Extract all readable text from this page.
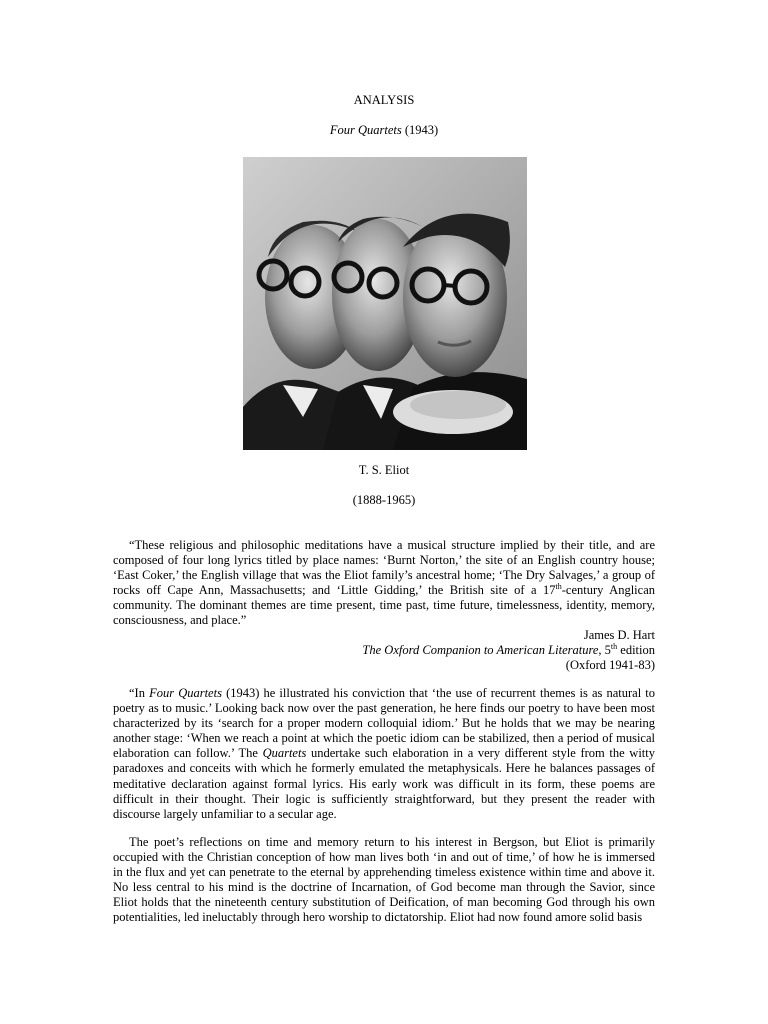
ANALYSIS
Four Quartets (1943)
T. S. Eliot
(1888-1965)
“These religious and philosophic meditations have a musical structure implied by their title, and are composed of four long lyrics titled by place names: ‘Burnt Norton,’ the site of an English country house; ‘East Coker,’ the English village that was the Eliot family’s ancestral home; ‘The Dry Salvages,’ a group of rocks off Cape Ann, Massachusetts; and ‘Little Gidding,’ the British site of a 17th-century Anglican community. The dominant themes are time present, time past, time future, timelessness, identity, memory, consciousness, and place.”
James D. Hart
The Oxford Companion to American Literature, 5th edition
(Oxford 1941-83)
“In Four Quartets (1943) he illustrated his conviction that ‘the use of recurrent themes is as natural to poetry as to music.’ Looking back now over the past generation, he here finds our poetry to have been most characterized by its ‘search for a proper modern colloquial idiom.’ But he holds that we may be nearing another stage: ‘When we reach a point at which the poetic idiom can be stabilized, then a period of musical elaboration can follow.’ The Quartets undertake such elaboration in a very different style from the witty paradoxes and conceits with which he formerly emulated the metaphysicals. Here he balances passages of meditative declaration against formal lyrics. His early work was difficult in its form, these poems are difficult in their thought. Their logic is sufficiently straightforward, but they present the reader with discourse largely unfamiliar to a secular age.
The poet’s reflections on time and memory return to his interest in Bergson, but Eliot is primarily occupied with the Christian conception of how man lives both ‘in and out of time,’ of how he is immersed in the flux and yet can penetrate to the eternal by apprehending timeless existence within time and above it. No less central to his mind is the doctrine of Incarnation, of God become man through the Savior, since Eliot holds that the nineteenth century substitution of Deification, of man becoming God through his own potentialities, led ineluctably through hero worship to dictatorship. Eliot had now found amore solid basis
